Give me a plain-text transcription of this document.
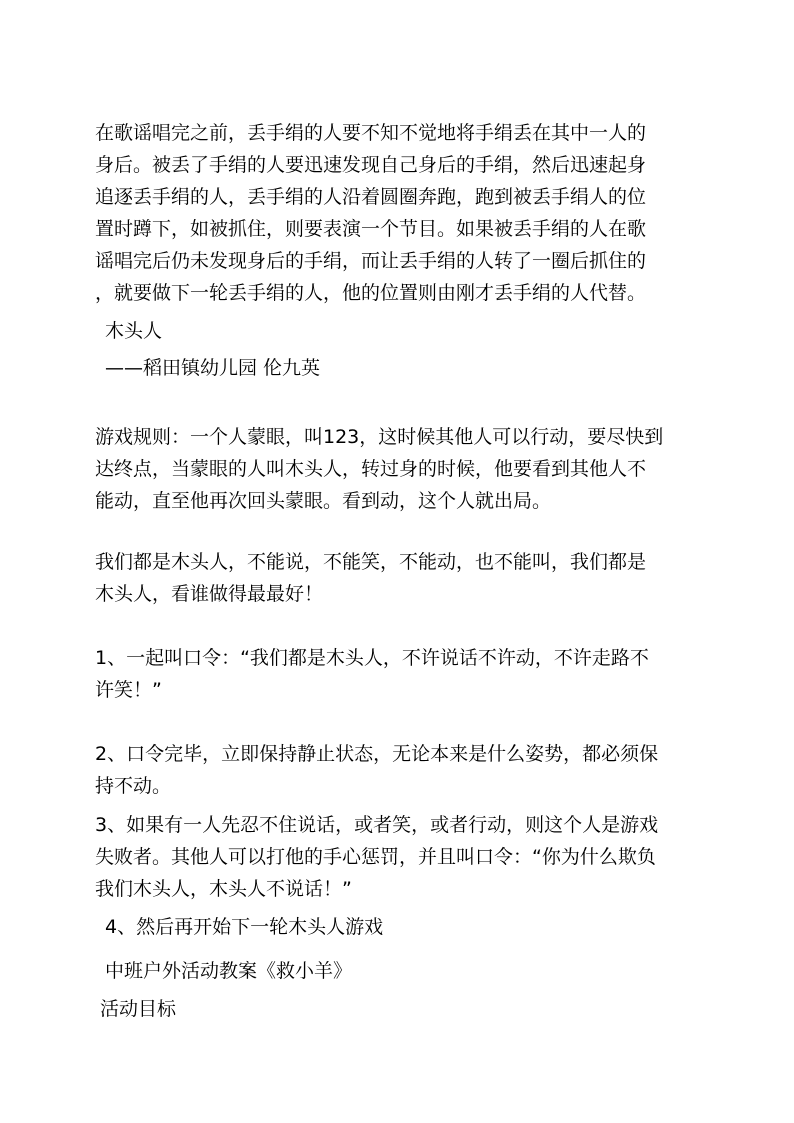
在歌谣唱完之前，丢手绢的人要不知不觉地将手绢丢在其中一人的
身后。被丢了手绢的人要迅速发现自己身后的手绢，然后迅速起身
追逐丢手绢的人，丢手绢的人沿着圆圈奔跑，跑到被丢手绢人的位
置时蹲下，如被抓住，则要表演一个节目。如果被丢手绢的人在歌
谣唱完后仍未发现身后的手绢，而让丢手绢的人转了一圈后抓住的
，就要做下一轮丢手绢的人，他的位置则由刚才丢手绢的人代替。
木头人
——稻田镇幼儿园 伦九英
游戏规则：一个人蒙眼，叫123，这时候其他人可以行动，要尽快到
达终点，当蒙眼的人叫木头人，转过身的时候，他要看到其他人不
能动，直至他再次回头蒙眼。看到动，这个人就出局。
我们都是木头人，不能说，不能笑，不能动，也不能叫，我们都是
木头人，看谁做得最最好！
1、一起叫口令：“我们都是木头人，不许说话不许动，不许走路不
许笑！”
2、口令完毕，立即保持静止状态，无论本来是什么姿势，都必须保
持不动。
3、如果有一人先忍不住说话，或者笑，或者行动，则这个人是游戏
失败者。其他人可以打他的手心惩罚，并且叫口令：“你为什么欺负
我们木头人，木头人不说话！”
4、然后再开始下一轮木头人游戏
中班户外活动教案《救小羊》
活动目标
